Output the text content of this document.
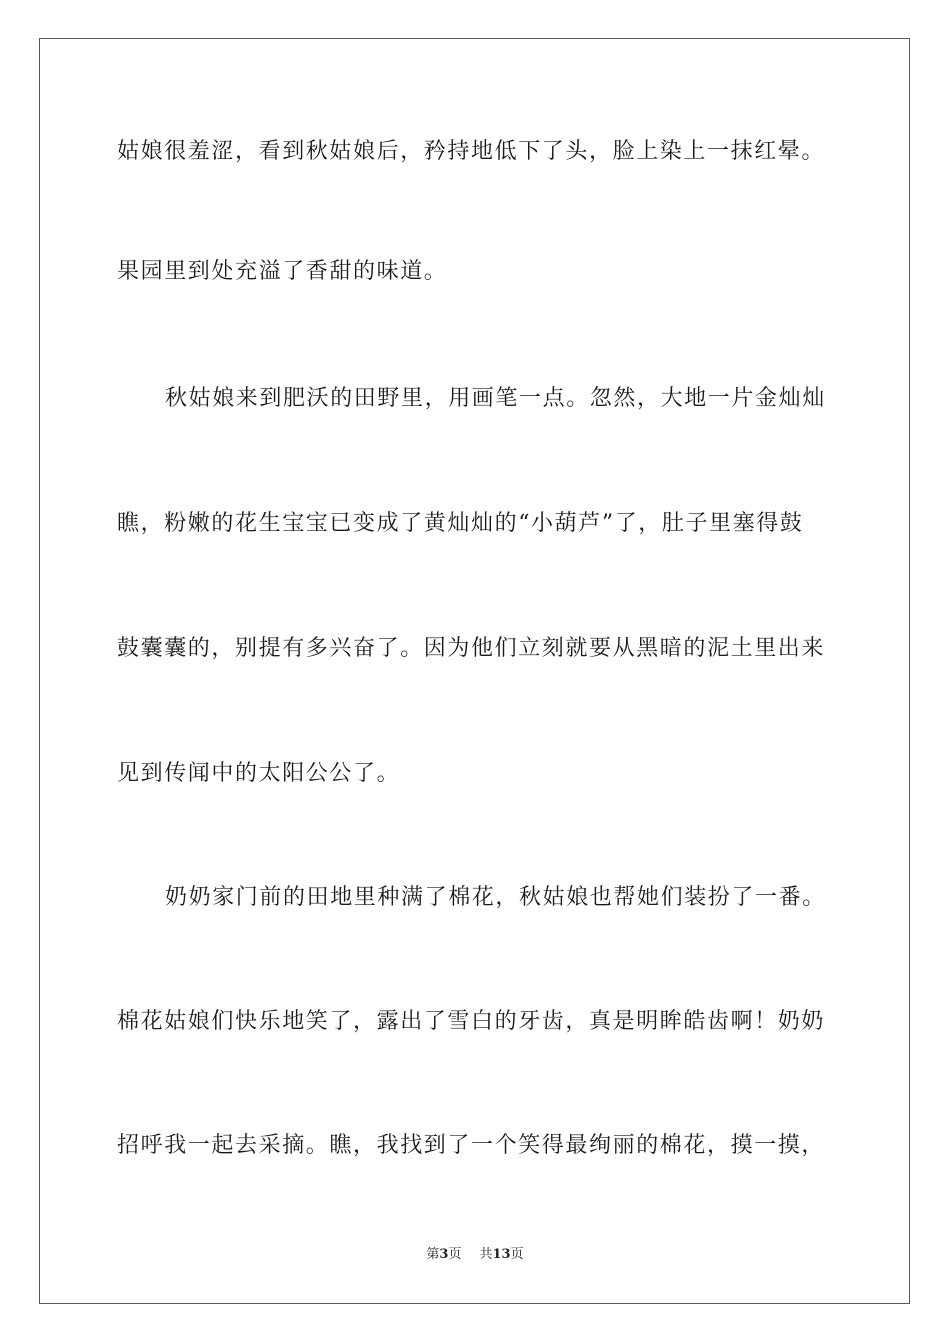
姑娘很羞涩，看到秋姑娘后，矜持地低下了头，脸上染上一抹红晕。
果园里到处充溢了香甜的味道。
秋姑娘来到肥沃的田野里，用画笔一点。忽然，大地一片金灿灿
瞧，粉嫩的花生宝宝已变成了黄灿灿的“小葫芦”了，肚子里塞得鼓
鼓囊囊的，别提有多兴奋了。因为他们立刻就要从黑暗的泥土里出来
见到传闻中的太阳公公了。
奶奶家门前的田地里种满了棉花，秋姑娘也帮她们装扮了一番。
棉花姑娘们快乐地笑了，露出了雪白的牙齿，真是明眸皓齿啊！奶奶
招呼我一起去采摘。瞧，我找到了一个笑得最绚丽的棉花，摸一摸，
第3页 共13页
